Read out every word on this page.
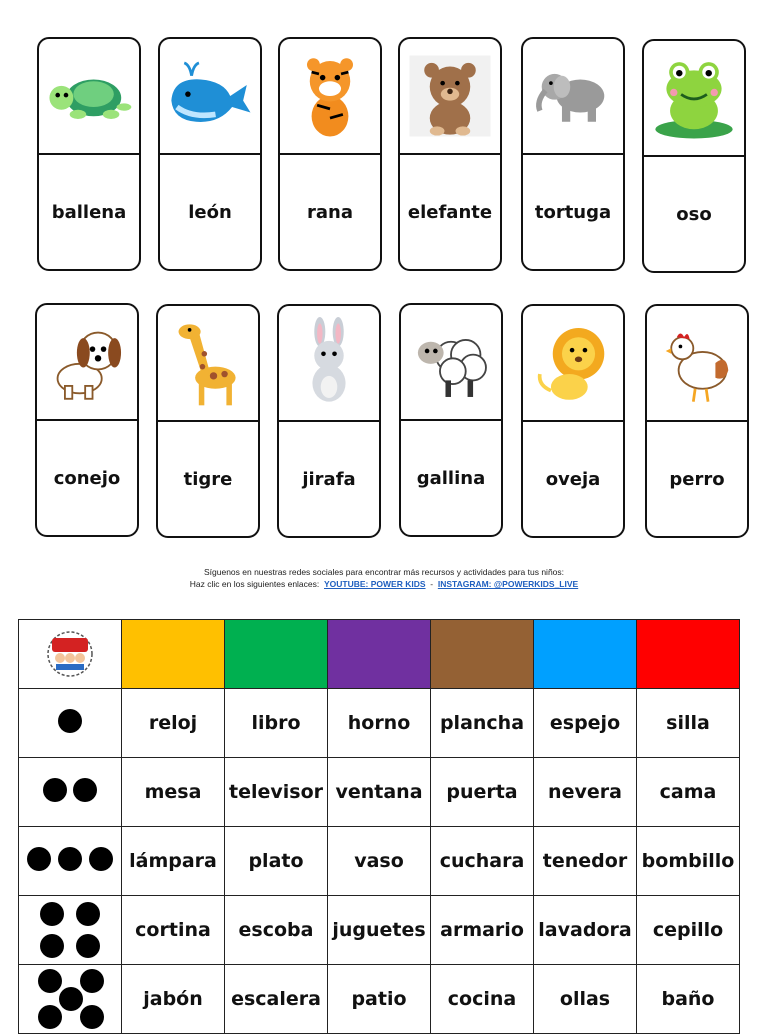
ballena	león	rana	elefante	tortuga	oso
conejo	tigre	jirafa	gallina	oveja	perro
Síguenos en nuestras redes sociales para encontrar más recursos y actividades para tus niños:
Haz clic en los siguientes enlaces: YOUTUBE: POWER KIDS - INSTAGRAM: @POWERKIDS_LIVE

	reloj	libro	horno	plancha	espejo	silla
	mesa	televisor	ventana	puerta	nevera	cama
	lámpara	plato	vaso	cuchara	tenedor	bombillo

	cortina	escoba	juguetes	armario	lavadora	cepillo

	jabón	escalera	patio	cocina	ollas	baño
